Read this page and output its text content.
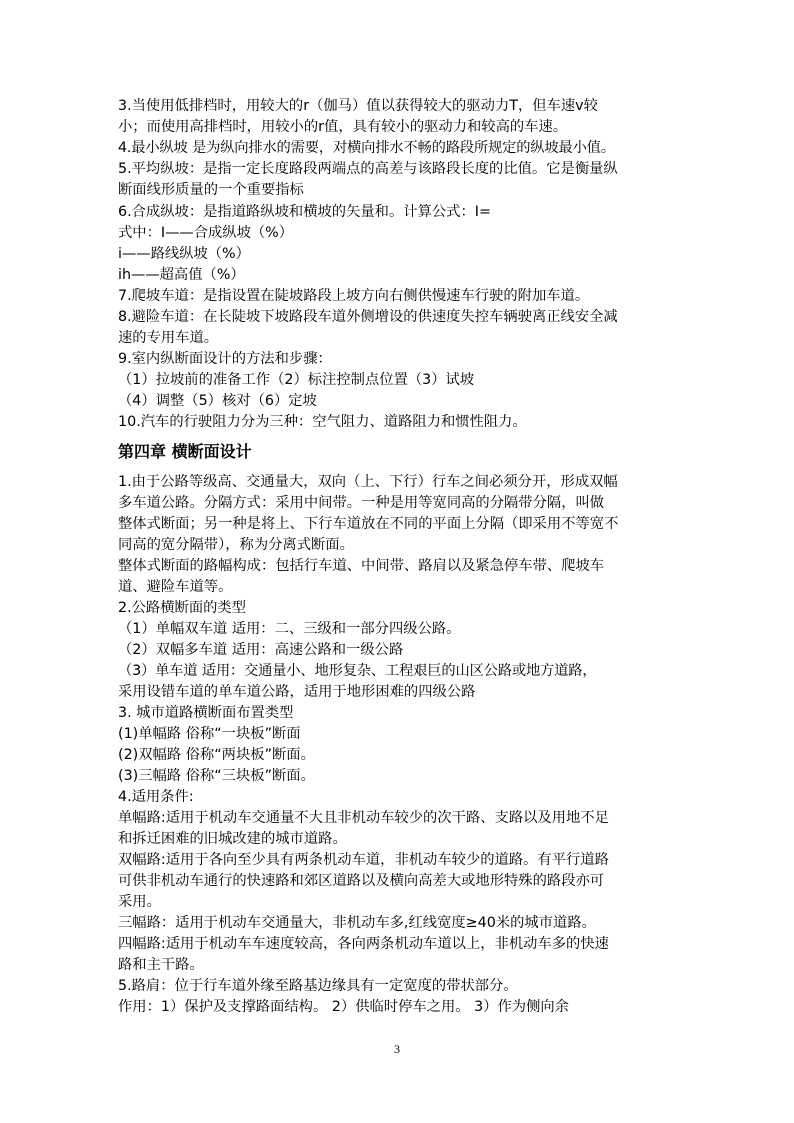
3.当使用低排档时，用较大的r（伽马）值以获得较大的驱动力T，但车速v较
小；而使用高排档时，用较小的r值，具有较小的驱动力和较高的车速。
4.最小纵坡 是为纵向排水的需要，对横向排水不畅的路段所规定的纵坡最小值。
5.平均纵坡：是指一定长度路段两端点的高差与该路段长度的比值。它是衡量纵
断面线形质量的一个重要指标
6.合成纵坡：是指道路纵坡和横坡的矢量和。计算公式：I=
式中：I——合成纵坡（%）
i——路线纵坡（%）
ih——超高值（%）
7.爬坡车道：是指设置在陡坡路段上坡方向右侧供慢速车行驶的附加车道。
8.避险车道：在长陡坡下坡路段车道外侧增设的供速度失控车辆驶离正线安全减
速的专用车道。
9.室内纵断面设计的方法和步骤：
（1）拉坡前的准备工作（2）标注控制点位置（3）试坡
（4）调整（5）核对（6）定坡
10.汽车的行驶阻力分为三种：空气阻力、道路阻力和惯性阻力。
第四章 横断面设计
1.由于公路等级高、交通量大，双向（上、下行）行车之间必须分开，形成双幅
多车道公路。分隔方式：采用中间带。一种是用等宽同高的分隔带分隔，叫做
整体式断面；另一种是将上、下行车道放在不同的平面上分隔（即采用不等宽不
同高的宽分隔带），称为分离式断面。
整体式断面的路幅构成：包括行车道、中间带、路肩以及紧急停车带、爬坡车
道、避险车道等。
2.公路横断面的类型
（1）单幅双车道 适用：二、三级和一部分四级公路。
（2）双幅多车道 适用：高速公路和一级公路
（3）单车道 适用：交通量小、地形复杂、工程艰巨的山区公路或地方道路，
采用设错车道的单车道公路，适用于地形困难的四级公路
3. 城市道路横断面布置类型
(1)单幅路 俗称“一块板”断面
(2)双幅路 俗称“两块板”断面。
(3)三幅路 俗称“三块板”断面。
4.适用条件:
单幅路:适用于机动车交通量不大且非机动车较少的次干路、支路以及用地不足
和拆迁困难的旧城改建的城市道路。
双幅路:适用于各向至少具有两条机动车道，非机动车较少的道路。有平行道路
可供非机动车通行的快速路和郊区道路以及横向高差大或地形特殊的路段亦可
采用。
三幅路：适用于机动车交通量大，非机动车多,红线宽度≥40米的城市道路。
四幅路:适用于机动车车速度较高，各向两条机动车道以上，非机动车多的快速
路和主干路。
5.路肩：位于行车道外缘至路基边缘具有一定宽度的带状部分。
作用：1）保护及支撑路面结构。 2）供临时停车之用。 3）作为侧向余
3
